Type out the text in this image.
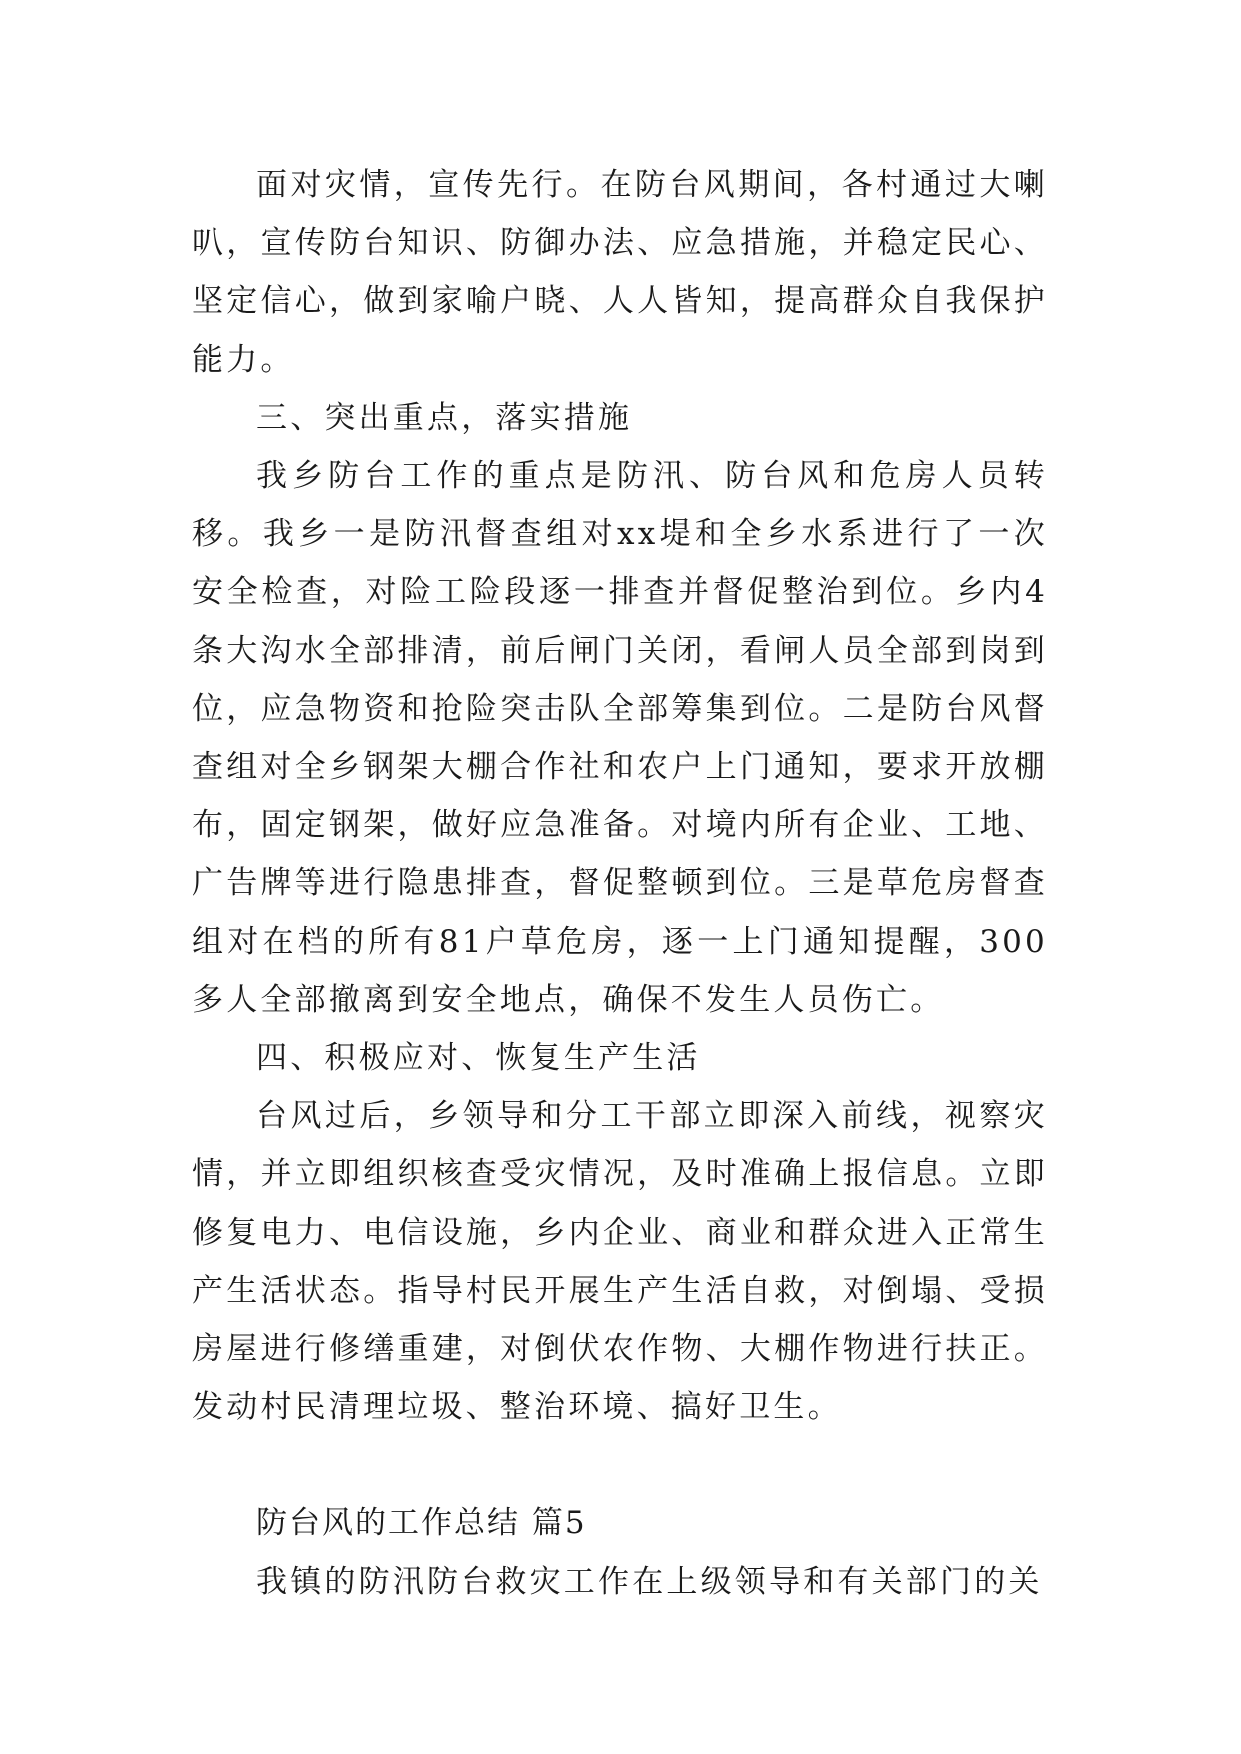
面对灾情，宣传先行。在防台风期间，各村通过大喇叭，宣传防台知识、防御办法、应急措施，并稳定民心、坚定信心，做到家喻户晓、人人皆知，提高群众自我保护能力。

三、突出重点，落实措施

我乡防台工作的重点是防汛、防台风和危房人员转移。我乡一是防汛督查组对xx堤和全乡水系进行了一次安全检查，对险工险段逐一排查并督促整治到位。乡内4条大沟水全部排清，前后闸门关闭，看闸人员全部到岗到位，应急物资和抢险突击队全部筹集到位。二是防台风督查组对全乡钢架大棚合作社和农户上门通知，要求开放棚布，固定钢架，做好应急准备。对境内所有企业、工地、广告牌等进行隐患排查，督促整顿到位。三是草危房督查组对在档的所有81户草危房，逐一上门通知提醒，300多人全部撤离到安全地点，确保不发生人员伤亡。

四、积极应对、恢复生产生活

台风过后，乡领导和分工干部立即深入前线，视察灾情，并立即组织核查受灾情况，及时准确上报信息。立即修复电力、电信设施，乡内企业、商业和群众进入正常生产生活状态。指导村民开展生产生活自救，对倒塌、受损房屋进行修缮重建，对倒伏农作物、大棚作物进行扶正。发动村民清理垃圾、整治环境、搞好卫生。

防台风的工作总结 篇5

我镇的防汛防台救灾工作在上级领导和有关部门的关
